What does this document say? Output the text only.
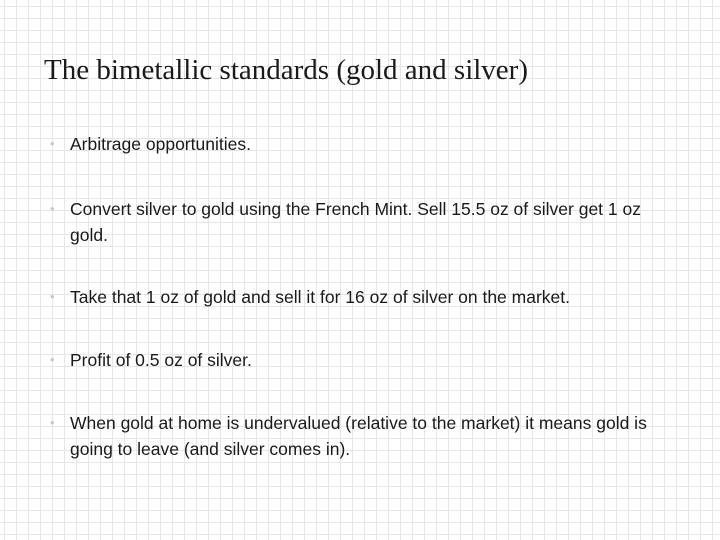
The bimetallic standards (gold and silver)
• Arbitrage opportunities.
• Convert silver to gold using the French Mint. Sell 15.5 oz of silver get 1 oz gold.
• Take that 1 oz of gold and sell it for 16 oz of silver on the market.
• Profit of 0.5 oz of silver.
• When gold at home is undervalued (relative to the market) it means gold is going to leave (and silver comes in).
